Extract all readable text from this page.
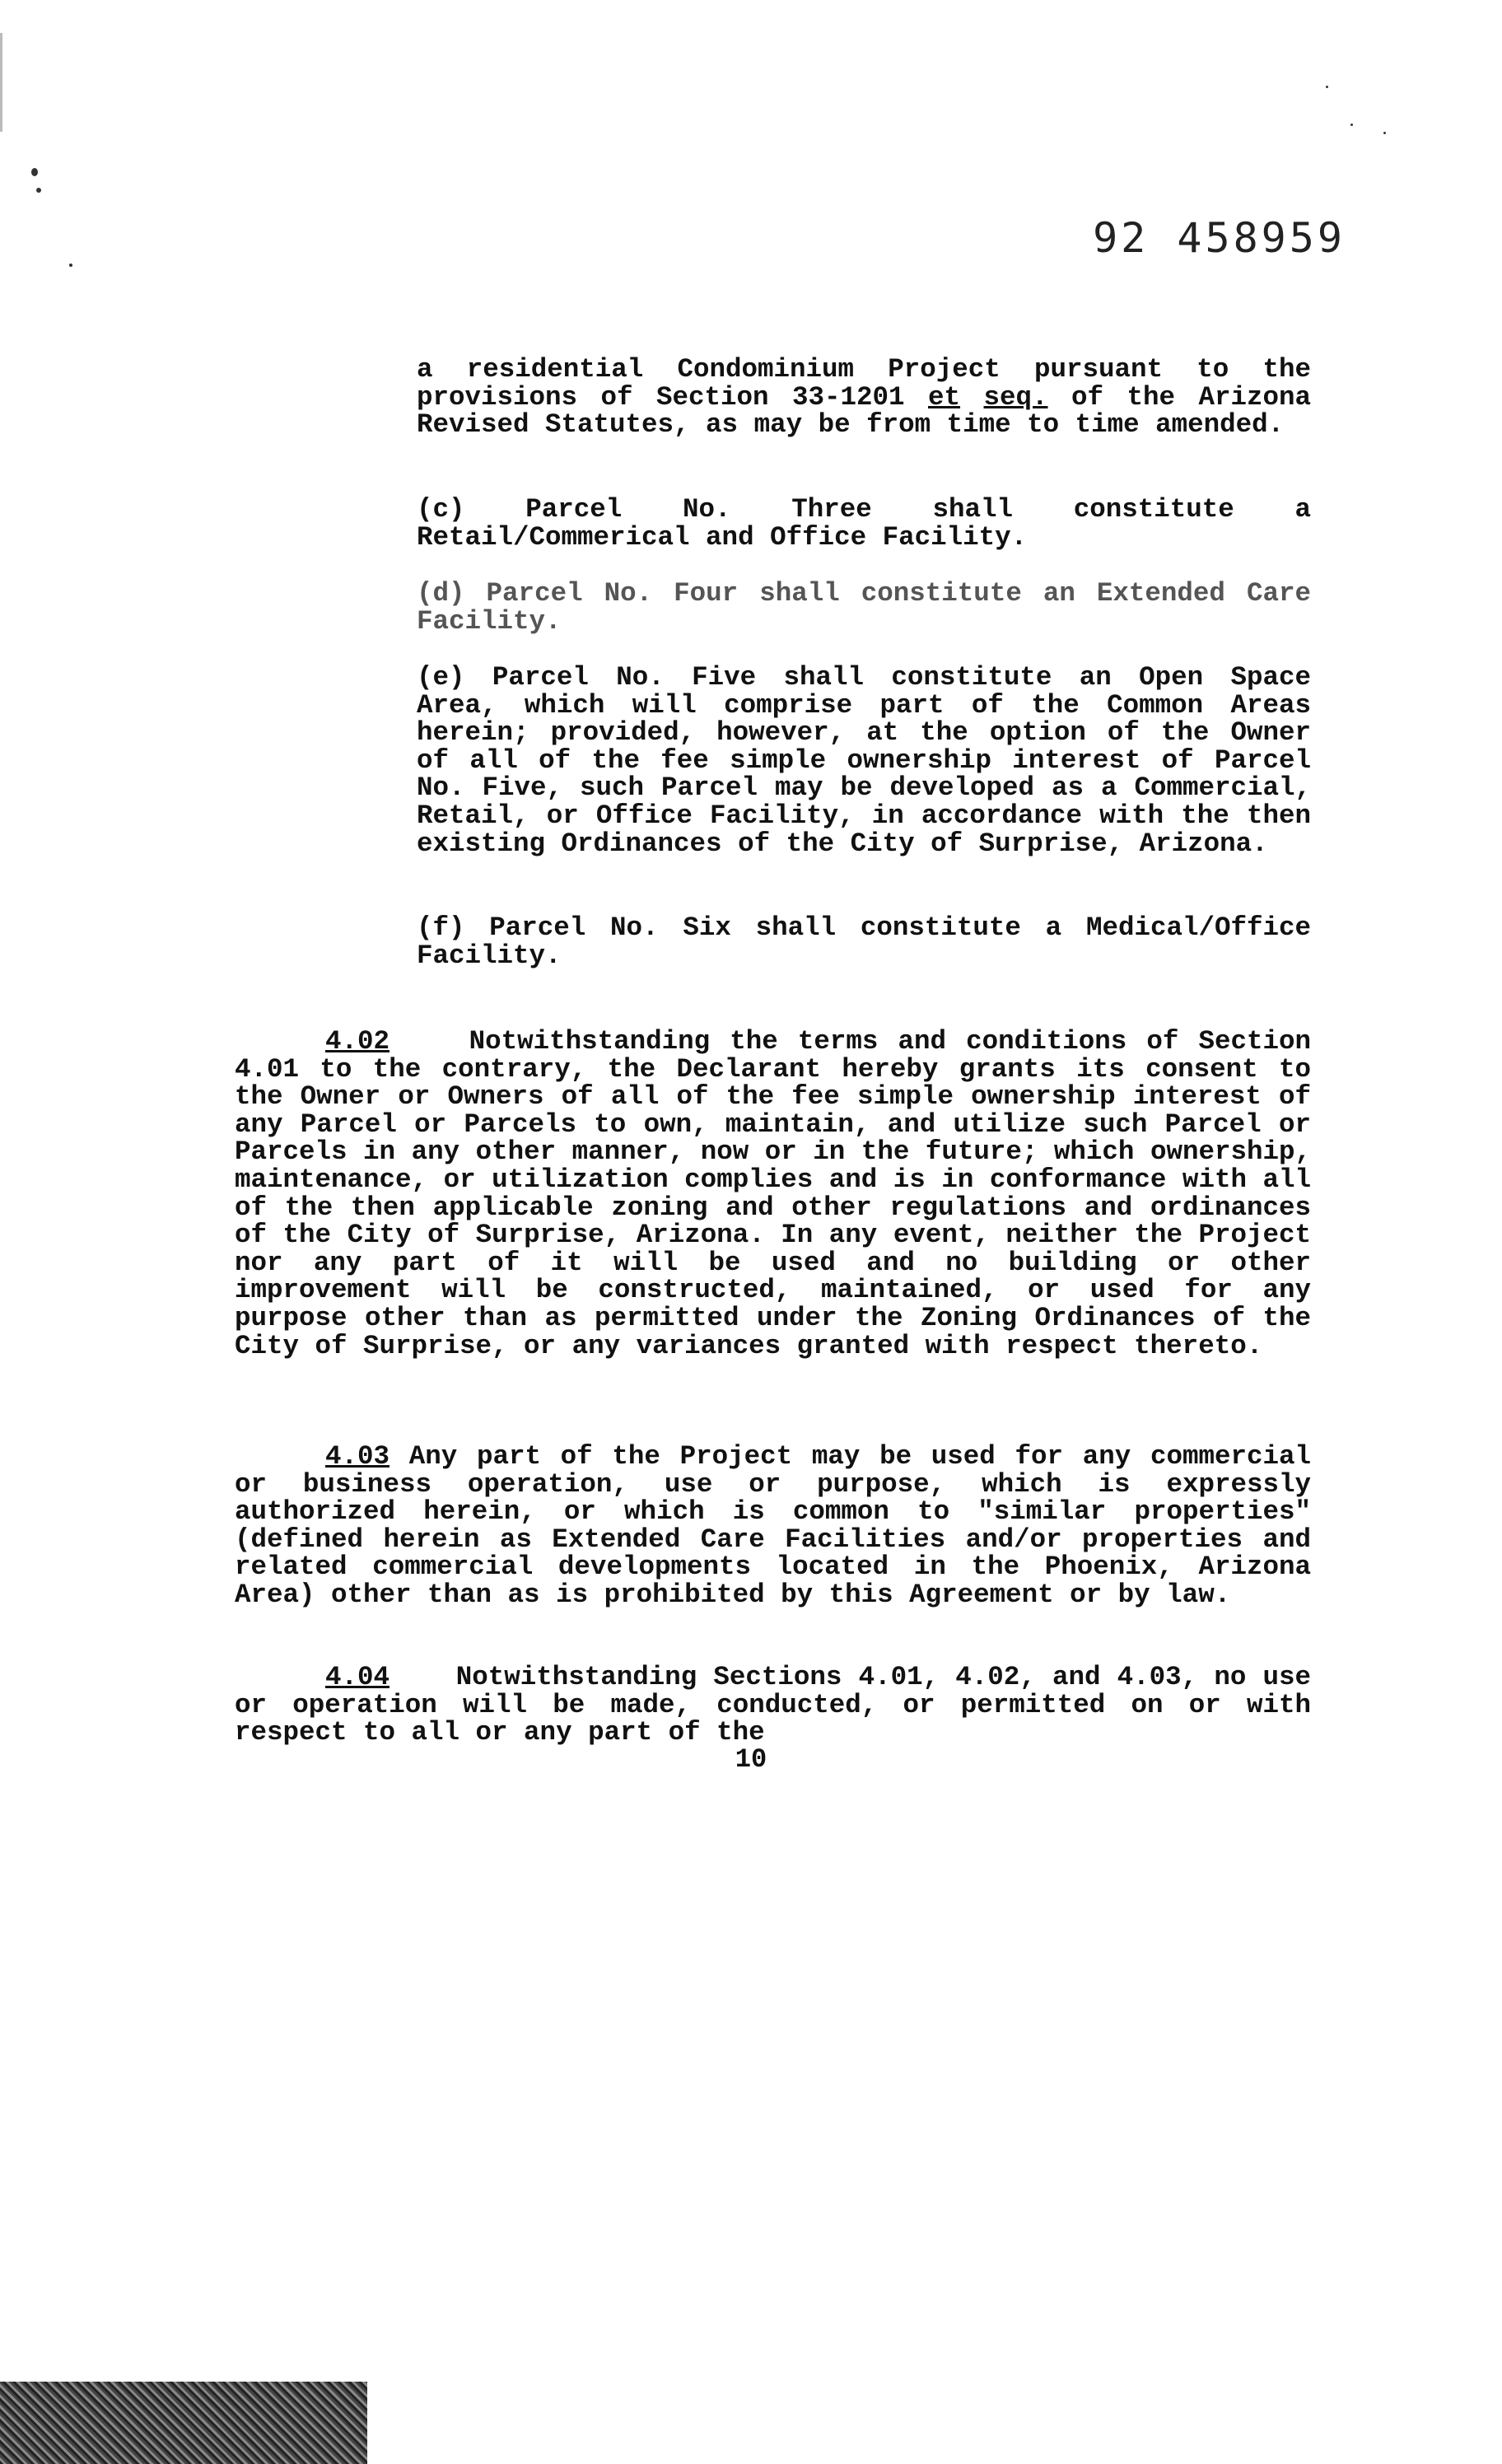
92 458959

a residential Condominium Project pursuant to the provisions of Section 33-1201 et seq. of the Arizona Revised Statutes, as may be from time to time amended.

(c) Parcel No. Three shall constitute a Retail/Commerical and Office Facility.

(d) Parcel No. Four shall constitute an Extended Care Facility.

(e) Parcel No. Five shall constitute an Open Space Area, which will comprise part of the Common Areas herein; provided, however, at the option of the Owner of all of the fee simple ownership interest of Parcel No. Five, such Parcel may be developed as a Commercial, Retail, or Office Facility, in accordance with the then existing Ordinances of the City of Surprise, Arizona.

(f) Parcel No. Six shall constitute a Medical/Office Facility.

4.02	Notwithstanding the terms and conditions of Section 4.01 to the contrary, the Declarant hereby grants its consent to the Owner or Owners of all of the fee simple ownership interest of any Parcel or Parcels to own, maintain, and utilize such Parcel or Parcels in any other manner, now or in the future; which ownership, maintenance, or utilization complies and is in conformance with all of the then applicable zoning and other regulations and ordinances of the City of Surprise, Arizona. In any event, neither the Project nor any part of it will be used and no building or other improvement will be constructed, maintained, or used for any purpose other than as permitted under the Zoning Ordinances of the City of Surprise, or any variances granted with respect thereto.

4.03 Any part of the Project may be used for any commercial or business operation, use or purpose, which is expressly authorized herein, or which is common to "similar properties" (defined herein as Extended Care Facilities and/or properties and related commercial developments located in the Phoenix, Arizona Area) other than as is prohibited by this Agreement or by law.

4.04 Notwithstanding Sections 4.01, 4.02, and 4.03, no use or operation will be made, conducted, or permitted on or with respect to all or any part of the

10
